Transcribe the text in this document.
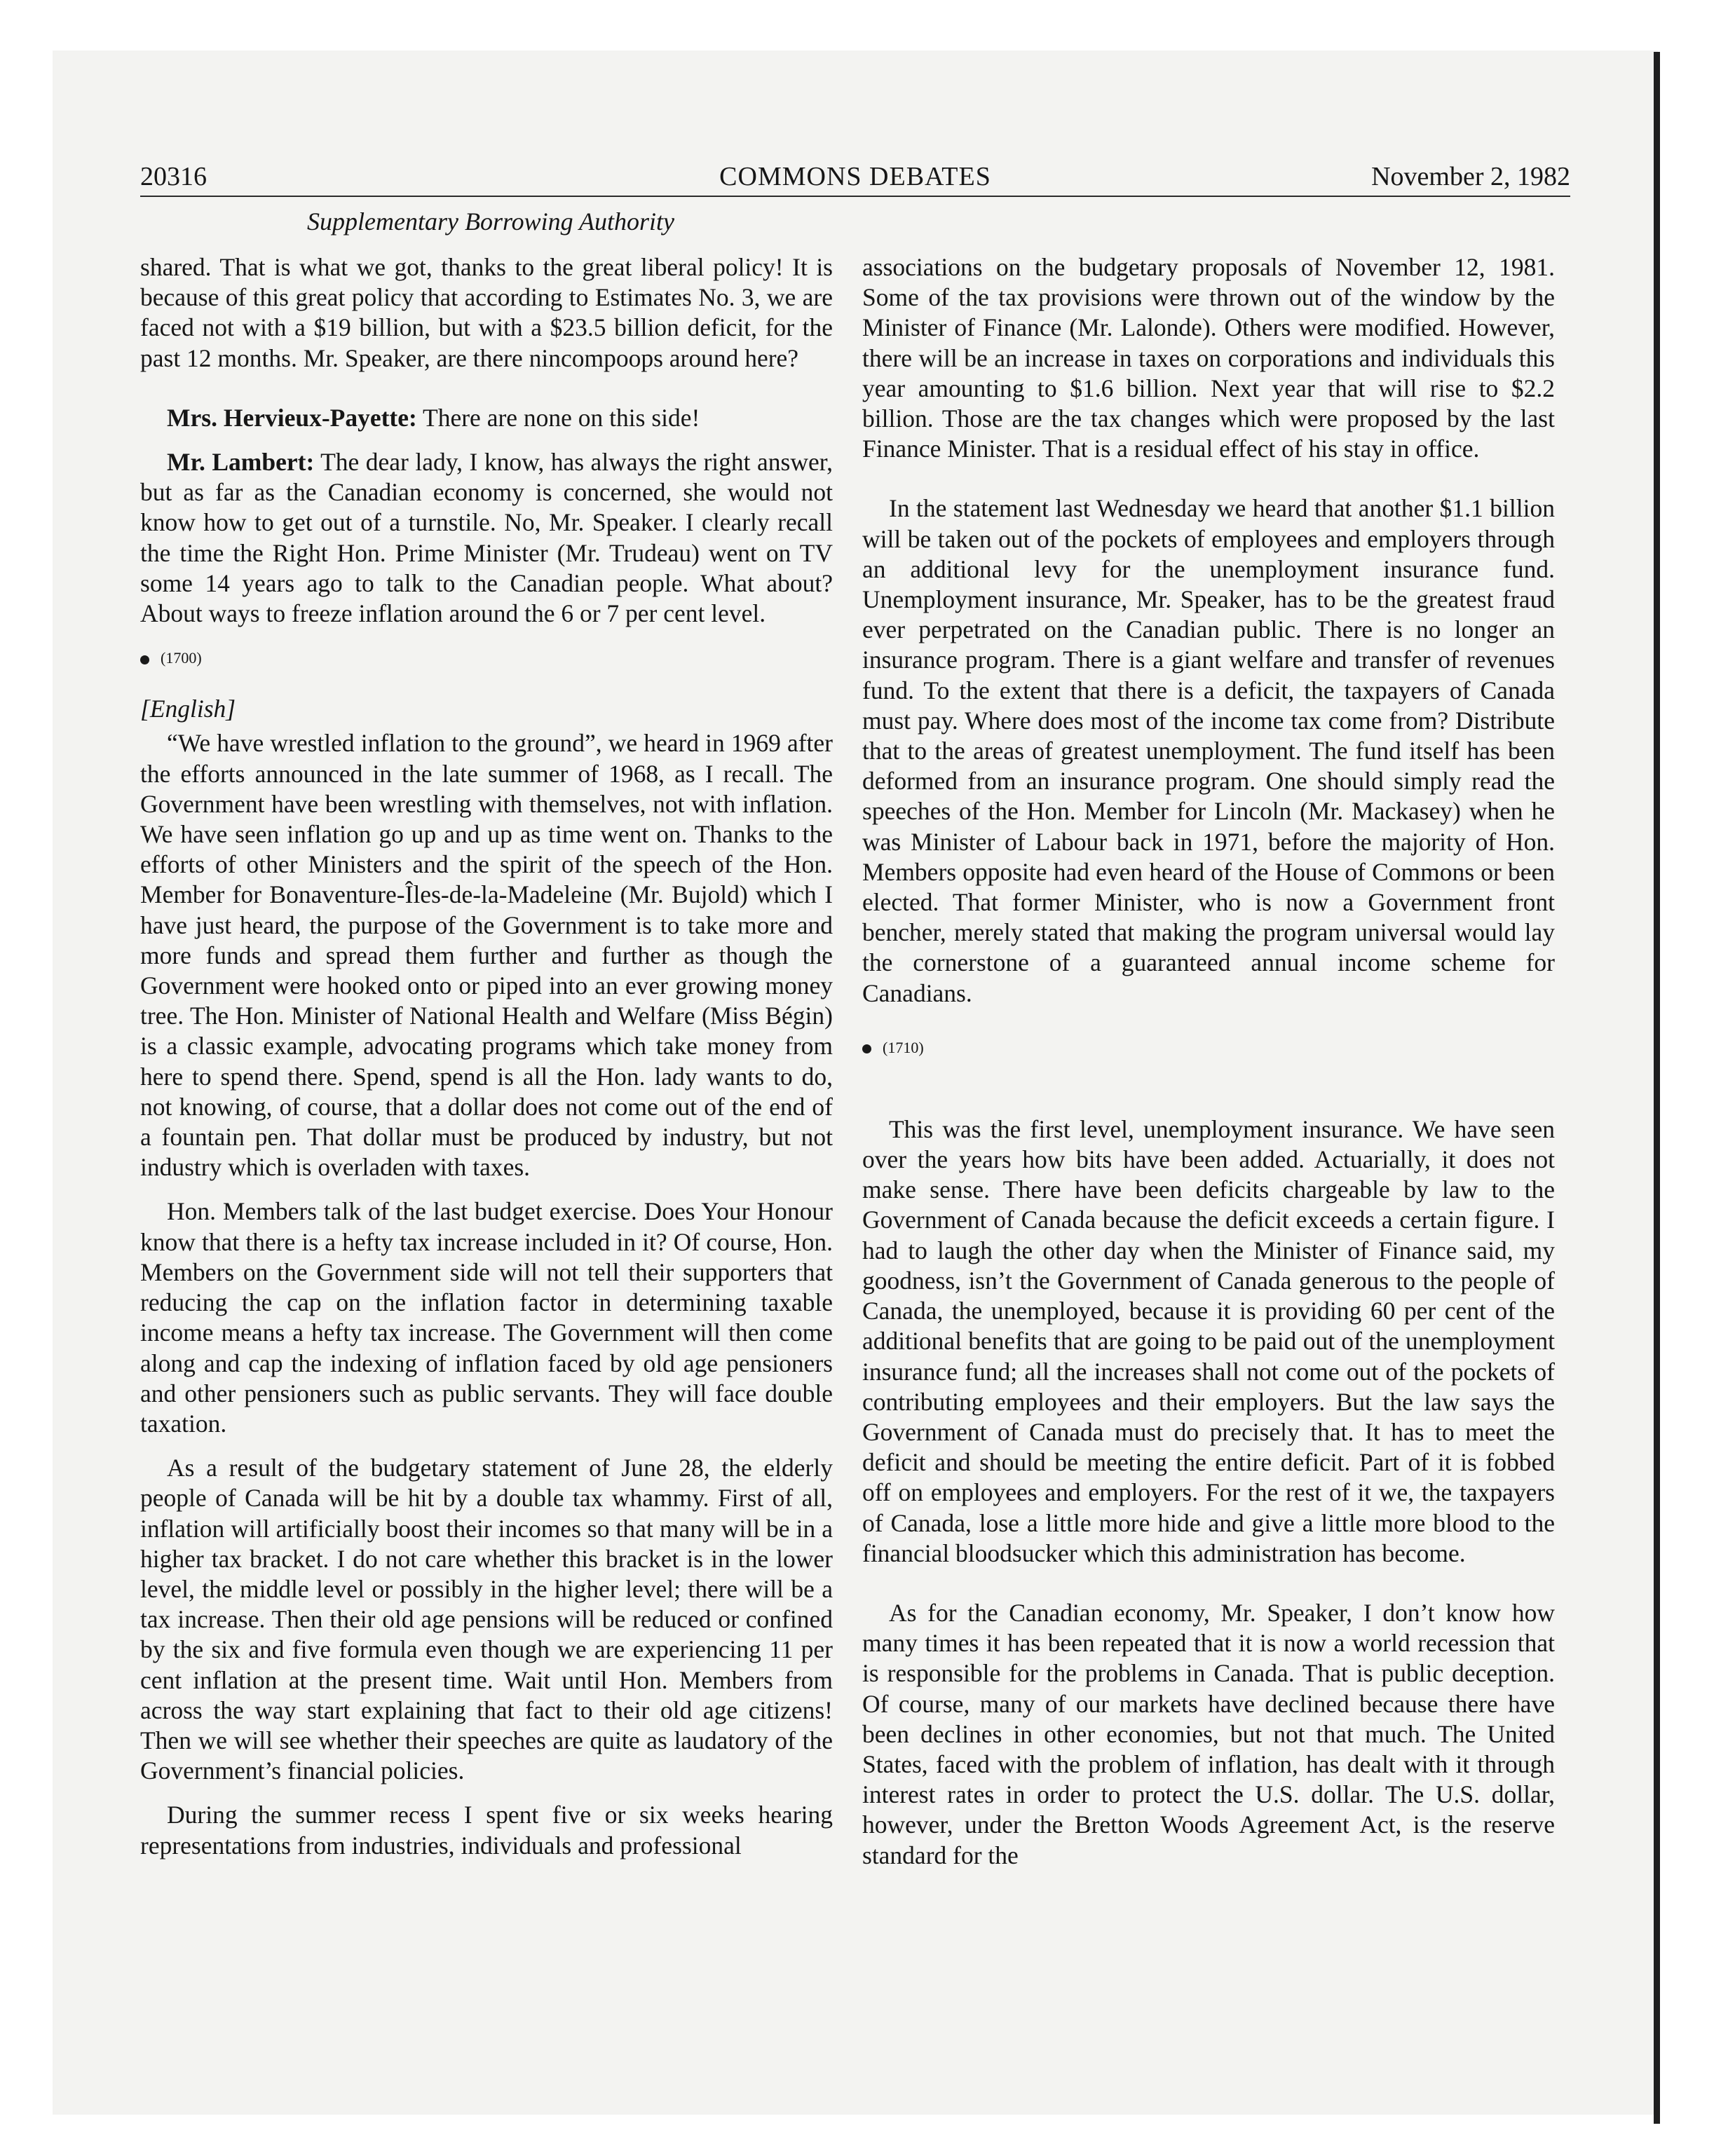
20316	COMMONS DEBATES	November 2, 1982
Supplementary Borrowing Authority

shared. That is what we got, thanks to the great liberal policy! It is because of this great policy that according to Estimates No. 3, we are faced not with a $19 billion, but with a $23.5 billion deficit, for the past 12 months. Mr. Speaker, are there nincompoops around here?

Mrs. Hervieux-Payette: There are none on this side!

Mr. Lambert: The dear lady, I know, has always the right answer, but as far as the Canadian economy is concerned, she would not know how to get out of a turnstile. No, Mr. Speaker. I clearly recall the time the Right Hon. Prime Minister (Mr. Trudeau) went on TV some 14 years ago to talk to the Canadian people. What about? About ways to freeze inflation around the 6 or 7 per cent level.

(1700)
[English]

“We have wrestled inflation to the ground”, we heard in 1969 after the efforts announced in the late summer of 1968, as I recall. The Government have been wrestling with themselves, not with inflation. We have seen inflation go up and up as time went on. Thanks to the efforts of other Ministers and the spirit of the speech of the Hon. Member for Bonaventure-Îles-de-la-Madeleine (Mr. Bujold) which I have just heard, the purpose of the Government is to take more and more funds and spread them further and further as though the Government were hooked onto or piped into an ever growing money tree. The Hon. Minister of National Health and Welfare (Miss Bégin) is a classic example, advocating programs which take money from here to spend there. Spend, spend is all the Hon. lady wants to do, not knowing, of course, that a dollar does not come out of the end of a fountain pen. That dollar must be produced by industry, but not industry which is overladen with taxes.

Hon. Members talk of the last budget exercise. Does Your Honour know that there is a hefty tax increase included in it? Of course, Hon. Members on the Government side will not tell their supporters that reducing the cap on the inflation factor in determining taxable income means a hefty tax increase. The Government will then come along and cap the indexing of inflation faced by old age pensioners and other pensioners such as public servants. They will face double taxation.

As a result of the budgetary statement of June 28, the elderly people of Canada will be hit by a double tax whammy. First of all, inflation will artificially boost their incomes so that many will be in a higher tax bracket. I do not care whether this bracket is in the lower level, the middle level or possibly in the higher level; there will be a tax increase. Then their old age pensions will be reduced or confined by the six and five formula even though we are experiencing 11 per cent inflation at the present time. Wait until Hon. Members from across the way start explaining that fact to their old age citizens! Then we will see whether their speeches are quite as laudatory of the Government’s financial policies.

During the summer recess I spent five or six weeks hearing representations from industries, individuals and professional

associations on the budgetary proposals of November 12, 1981. Some of the tax provisions were thrown out of the window by the Minister of Finance (Mr. Lalonde). Others were modified. However, there will be an increase in taxes on corporations and individuals this year amounting to $1.6 billion. Next year that will rise to $2.2 billion. Those are the tax changes which were proposed by the last Finance Minister. That is a residual effect of his stay in office.

In the statement last Wednesday we heard that another $1.1 billion will be taken out of the pockets of employees and employers through an additional levy for the unemployment insurance fund. Unemployment insurance, Mr. Speaker, has to be the greatest fraud ever perpetrated on the Canadian public. There is no longer an insurance program. There is a giant welfare and transfer of revenues fund. To the extent that there is a deficit, the taxpayers of Canada must pay. Where does most of the income tax come from? Distribute that to the areas of greatest unemployment. The fund itself has been deformed from an insurance program. One should simply read the speeches of the Hon. Member for Lincoln (Mr. Mackasey) when he was Minister of Labour back in 1971, before the majority of Hon. Members opposite had even heard of the House of Commons or been elected. That former Minister, who is now a Government front bencher, merely stated that making the program universal would lay the cornerstone of a guaranteed annual income scheme for Canadians.

(1710)

This was the first level, unemployment insurance. We have seen over the years how bits have been added. Actuarially, it does not make sense. There have been deficits chargeable by law to the Government of Canada because the deficit exceeds a certain figure. I had to laugh the other day when the Minister of Finance said, my goodness, isn’t the Government of Canada generous to the people of Canada, the unemployed, because it is providing 60 per cent of the additional benefits that are going to be paid out of the unemployment insurance fund; all the increases shall not come out of the pockets of contributing employees and their employers. But the law says the Government of Canada must do precisely that. It has to meet the deficit and should be meeting the entire deficit. Part of it is fobbed off on employees and employers. For the rest of it we, the taxpayers of Canada, lose a little more hide and give a little more blood to the financial bloodsucker which this administration has become.

As for the Canadian economy, Mr. Speaker, I don’t know how many times it has been repeated that it is now a world recession that is responsible for the problems in Canada. That is public deception. Of course, many of our markets have declined because there have been declines in other economies, but not that much. The United States, faced with the problem of inflation, has dealt with it through interest rates in order to protect the U.S. dollar. The U.S. dollar, however, under the Bretton Woods Agreement Act, is the reserve standard for the
